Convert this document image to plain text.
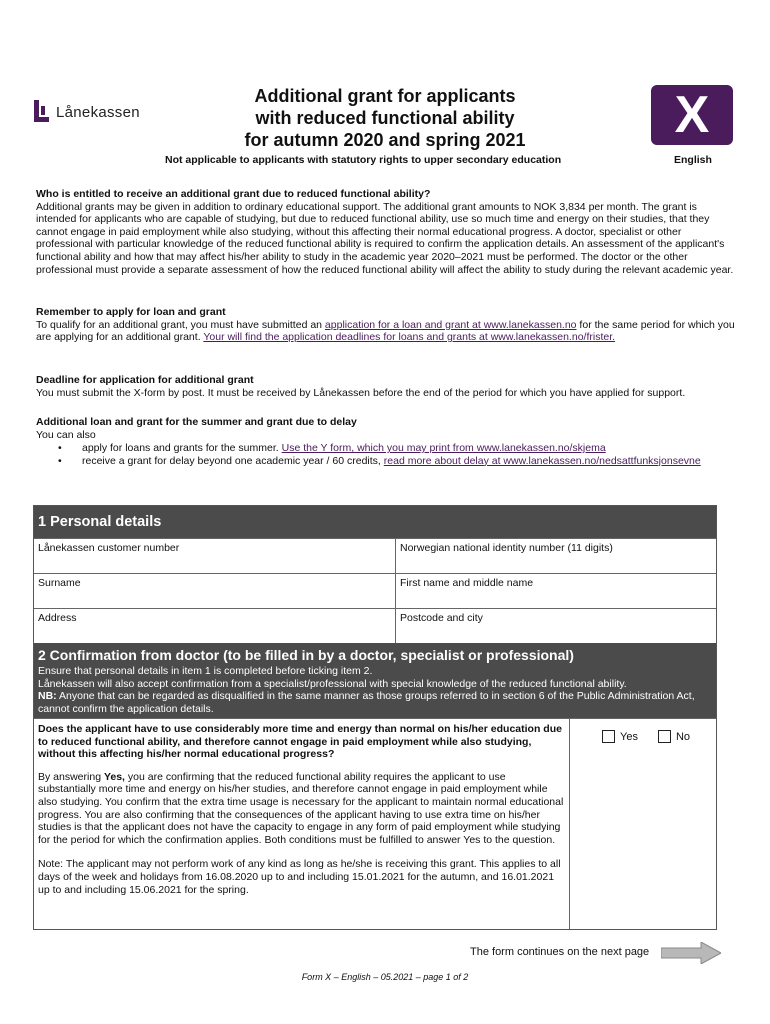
Lånekassen
Additional grant for applicants
with reduced functional ability
for autumn 2020 and spring 2021	X
Not applicable to applicants with statutory rights to upper secondary education	English
Who is entitled to receive an additional grant due to reduced functional ability?
Additional grants may be given in addition to ordinary educational support. The additional grant amounts to NOK 3,834 per month. The grant is intended for applicants who are capable of studying, but due to reduced functional ability, use so much time and energy on their studies, that they cannot engage in paid employment while also studying, without this affecting their normal educational progress. A doctor, specialist or other professional with particular knowledge of the reduced functional ability is required to confirm the application details. An assessment of the applicant's functional ability and how that may affect his/her ability to study in the academic year 2020–2021 must be performed. The doctor or the other professional must provide a separate assessment of how the reduced functional ability will affect the ability to study during the relevant academic year.
Remember to apply for loan and grant
To qualify for an additional grant, you must have submitted an application for a loan and grant at www.lanekassen.no for the same period for which you are applying for an additional grant. Your will find the application deadlines for loans and grants at www.lanekassen.no/frister.
Deadline for application for additional grant
You must submit the X-form by post. It must be received by Lånekassen before the end of the period for which you have applied for support.
Additional loan and grant for the summer and grant due to delay
You can also
• apply for loans and grants for the summer. Use the Y form, which you may print from www.lanekassen.no/skjema
• receive a grant for delay beyond one academic year / 60 credits, read more about delay at www.lanekassen.no/nedsattfunksjonsevne
1 Personal details
Lånekassen customer number	Norwegian national identity number (11 digits)
Surname	First name and middle name
Address	Postcode and city
2 Confirmation from doctor (to be filled in by a doctor, specialist or professional)

Ensure that personal details in item 1 is completed before ticking item 2.

Lånekassen will also accept confirmation from a specialist/professional with special knowledge of the reduced functional ability.

NB: Anyone that can be regarded as disqualified in the same manner as those groups referred to in section 6 of the Public Administration Act, cannot confirm the application details.

Does the applicant have to use considerably more time and energy than normal on his/her education due to reduced functional ability, and therefore cannot engage in paid employment while also studying, without this affecting his/her normal educational progress?
By answering Yes, you are confirming that the reduced functional ability requires the applicant to use substantially more time and energy on his/her studies, and therefore cannot engage in paid employment while also studying. You confirm that the extra time usage is necessary for the applicant to maintain normal educational progress. You are also confirming that the consequences of the applicant having to use extra time on his/her studies is that the applicant does not have the capacity to engage in any form of paid employment while studying for the period for which the confirmation applies. Both conditions must be fulfilled to answer Yes to the question.
Note: The applicant may not perform work of any kind as long as he/she is receiving this grant. This applies to all days of the week and holidays from 16.08.2020 up to and including 15.01.2021 for the autumn, and 16.01.2021 up to and including 15.06.2021 for the spring.
Yes	No
The form continues on the next page
Form X – English – 05.2021 – page 1 of 2
